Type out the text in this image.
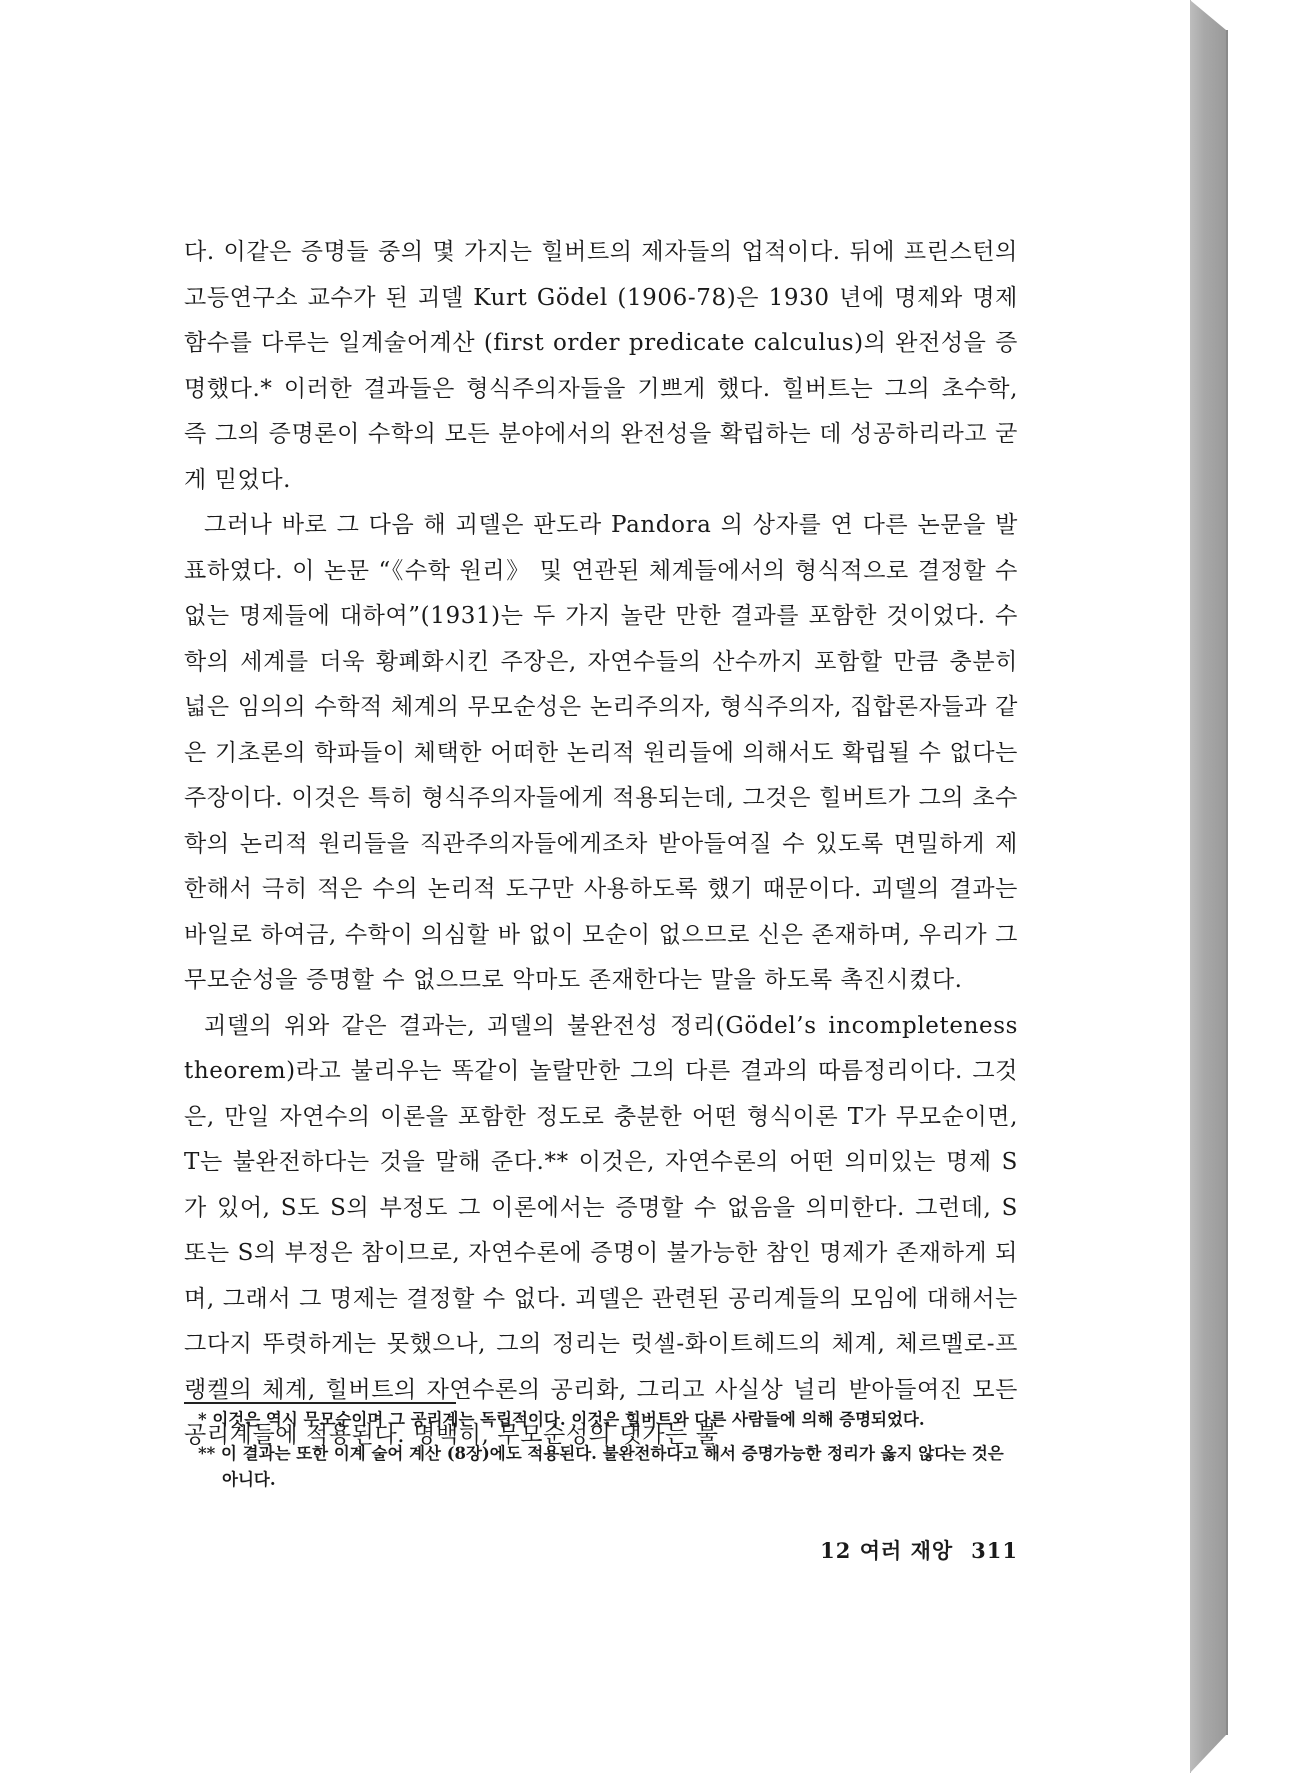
다. 이같은 증명들 중의 몇 가지는 힐버트의 제자들의 업적이다. 뒤에 프린스턴의 고등연구소 교수가 된 괴델 Kurt Gödel (1906-78)은 1930 년에 명제와 명제함수를 다루는 일계술어계산 (first order predicate calculus)의 완전성을 증명했다.* 이러한 결과들은 형식주의자들을 기쁘게 했다. 힐버트는 그의 초수학, 즉 그의 증명론이 수학의 모든 분야에서의 완전성을 확립하는 데 성공하리라고 굳게 믿었다.

그러나 바로 그 다음 해 괴델은 판도라 Pandora 의 상자를 연 다른 논문을 발표하였다. 이 논문 “《수학 원리》 및 연관된 체계들에서의 형식적으로 결정할 수 없는 명제들에 대하여”(1931)는 두 가지 놀란 만한 결과를 포함한 것이었다. 수학의 세계를 더욱 황폐화시킨 주장은, 자연수들의 산수까지 포함할 만큼 충분히 넓은 임의의 수학적 체계의 무모순성은 논리주의자, 형식주의자, 집합론자들과 같은 기초론의 학파들이 체택한 어떠한 논리적 원리들에 의해서도 확립될 수 없다는 주장이다. 이것은 특히 형식주의자들에게 적용되는데, 그것은 힐버트가 그의 초수학의 논리적 원리들을 직관주의자들에게조차 받아들여질 수 있도록 면밀하게 제한해서 극히 적은 수의 논리적 도구만 사용하도록 했기 때문이다. 괴델의 결과는 바일로 하여금, 수학이 의심할 바 없이 모순이 없으므로 신은 존재하며, 우리가 그 무모순성을 증명할 수 없으므로 악마도 존재한다는 말을 하도록 촉진시켰다.

괴델의 위와 같은 결과는, 괴델의 불완전성 정리(Gödel’s incompleteness theorem)라고 불리우는 똑같이 놀랄만한 그의 다른 결과의 따름정리이다. 그것은, 만일 자연수의 이론을 포함한 정도로 충분한 어떤 형식이론 T가 무모순이면, T는 불완전하다는 것을 말해 준다.** 이것은, 자연수론의 어떤 의미있는 명제 S가 있어, S도 S의 부정도 그 이론에서는 증명할 수 없음을 의미한다. 그런데, S 또는 S의 부정은 참이므로, 자연수론에 증명이 불가능한 참인 명제가 존재하게 되며, 그래서 그 명제는 결정할 수 없다. 괴델은 관련된 공리계들의 모임에 대해서는 그다지 뚜렷하게는 못했으나, 그의 정리는 럿셀-화이트헤드의 체계, 체르멜로-프랭켈의 체계, 힐버트의 자연수론의 공리화, 그리고 사실상 널리 받아들여진 모든 공리계들에 적용된다. 명백히, 무모순성의 댓가는 불

* 이것은 역시 무모순이며 그 공리계는 독립적이다. 이것은 힐버트와 다른 사람들에 의해 증명되었다.
** 이 결과는 또한 이계 술어 계산 (8장)에도 적용된다. 불완전하다고 해서 증명가능한 정리가 옳지 않다는 것은 아니다.
12 여러 재앙 311
